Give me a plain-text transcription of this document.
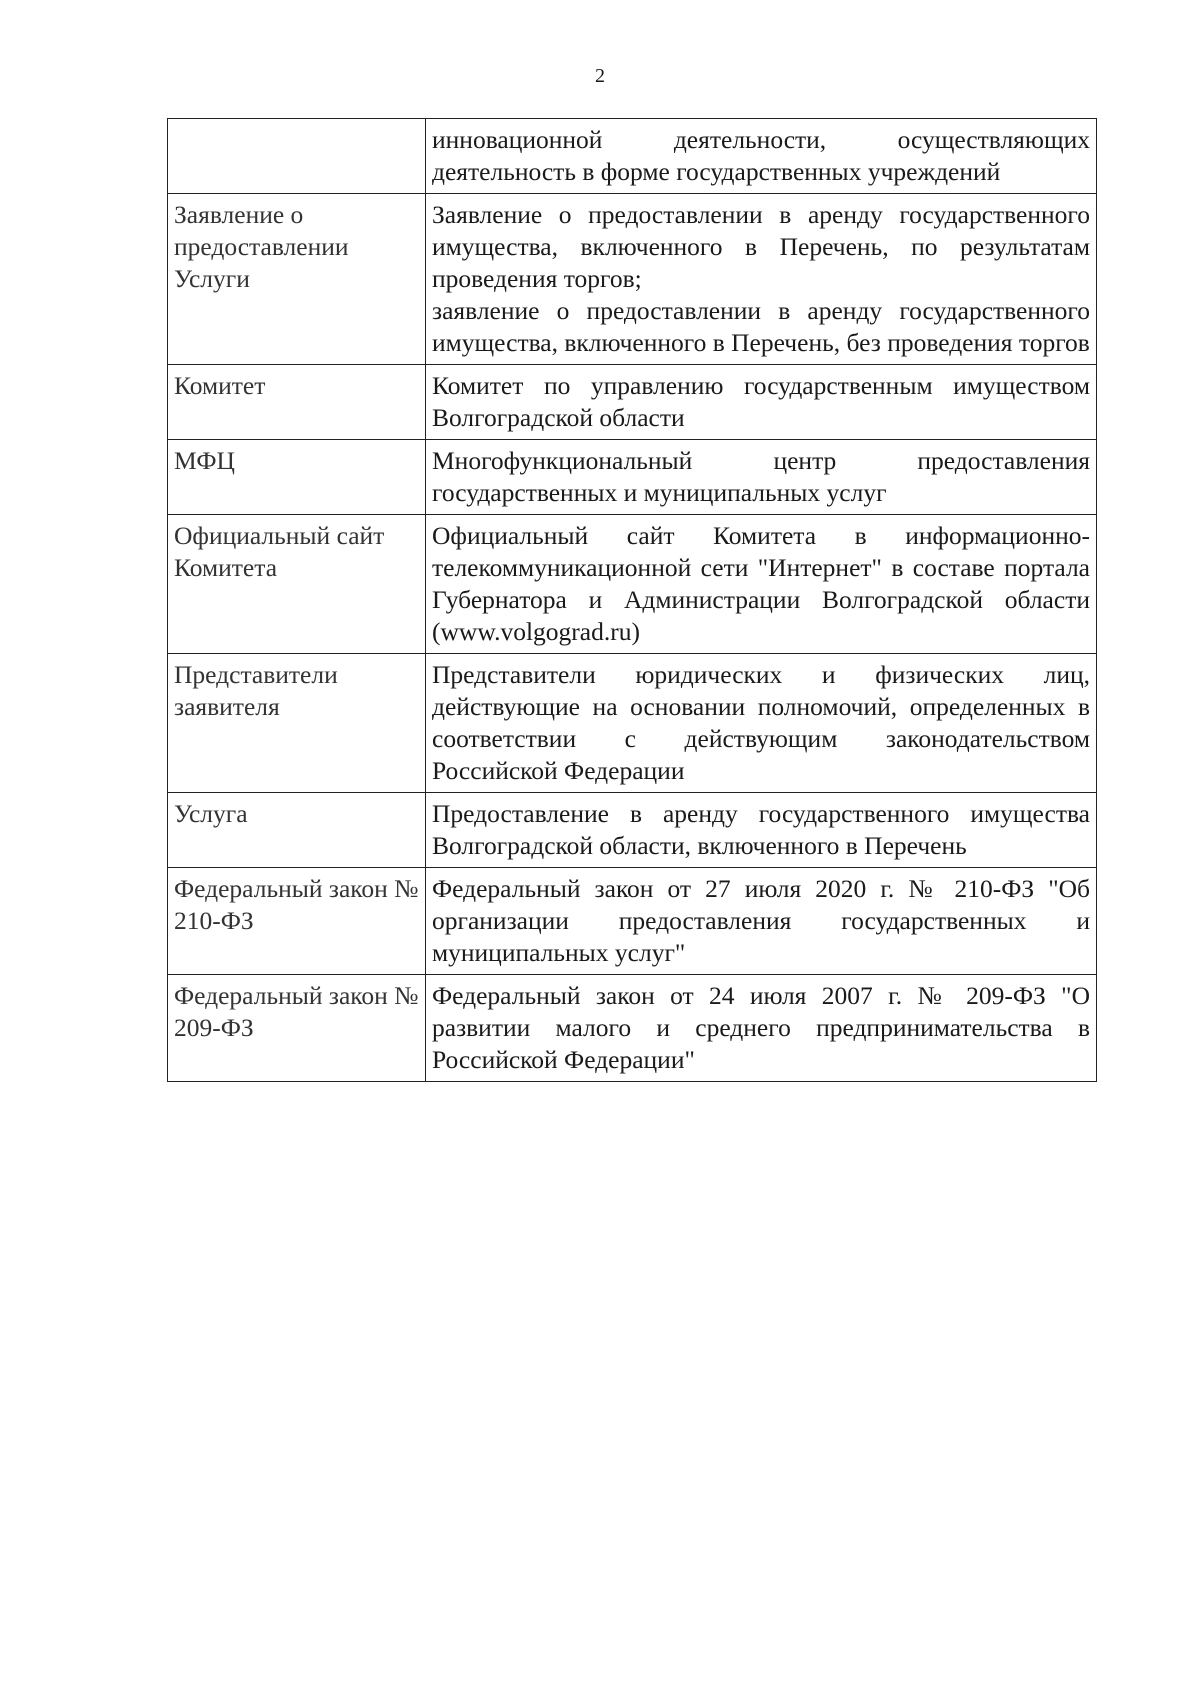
2

	инновационной деятельности, осуществляющих деятельность в форме государственных учреждений

Заявление о предоставлении Услуги	Заявление о предоставлении в аренду государственного имущества, включенного в Перечень, по результатам проведения торгов;
заявление о предоставлении в аренду государственного имущества, включенного в Перечень, без проведения торгов

Комитет	Комитет по управлению государственным имуществом Волгоградской области

МФЦ	Многофункциональный центр предоставления государственных и муниципальных услуг

Официальный сайт Комитета	Официальный сайт Комитета в информационно-телекоммуникационной сети "Интернет" в составе портала Губернатора и Администрации Волгоградской области (www.volgograd.ru)

Представители заявителя	Представители юридических и физических лиц, действующие на основании полномочий, определенных в соответствии с действующим законодательством Российской Федерации

Услуга	Предоставление в аренду государственного имущества Волгоградской области, включенного в Перечень

Федеральный закон № 210-ФЗ	Федеральный закон от 27 июля 2020 г. № 210-ФЗ "Об организации предоставления государственных и муниципальных услуг"

Федеральный закон № 209-ФЗ	Федеральный закон от 24 июля 2007 г. № 209-ФЗ "О развитии малого и среднего предпринимательства в Российской Федерации"
